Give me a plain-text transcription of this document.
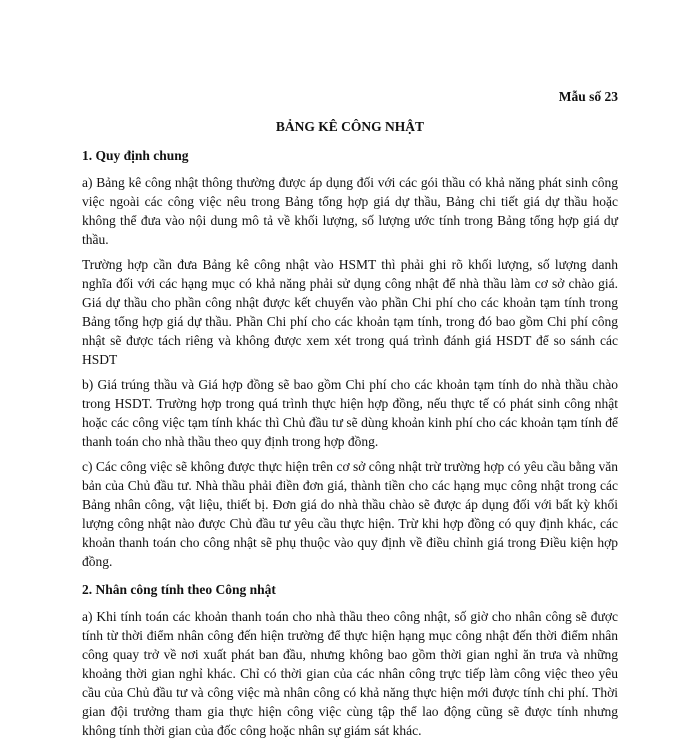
Mẫu số 23
BẢNG KÊ CÔNG NHẬT
1. Quy định chung

a) Bảng kê công nhật thông thường được áp dụng đối với các gói thầu có khả năng phát sinh công việc ngoài các công việc nêu trong Bảng tổng hợp giá dự thầu, Bảng chi tiết giá dự thầu hoặc không thể đưa vào nội dung mô tả về khối lượng, số lượng ước tính trong Bảng tổng hợp giá dự thầu.

Trường hợp cần đưa Bảng kê công nhật vào HSMT thì phải ghi rõ khối lượng, số lượng danh nghĩa đối với các hạng mục có khả năng phải sử dụng công nhật để nhà thầu làm cơ sở chào giá. Giá dự thầu cho phần công nhật được kết chuyển vào phần Chi phí cho các khoản tạm tính trong Bảng tổng hợp giá dự thầu. Phần Chi phí cho các khoản tạm tính, trong đó bao gồm Chi phí công nhật sẽ được tách riêng và không được xem xét trong quá trình đánh giá HSDT để so sánh các HSDT

b) Giá trúng thầu và Giá hợp đồng sẽ bao gồm Chi phí cho các khoản tạm tính do nhà thầu chào trong HSDT. Trường hợp trong quá trình thực hiện hợp đồng, nếu thực tế có phát sinh công nhật hoặc các công việc tạm tính khác thì Chủ đầu tư sẽ dùng khoản kinh phí cho các khoản tạm tính để thanh toán cho nhà thầu theo quy định trong hợp đồng.

c) Các công việc sẽ không được thực hiện trên cơ sở công nhật trừ trường hợp có yêu cầu bằng văn bản của Chủ đầu tư. Nhà thầu phải điền đơn giá, thành tiền cho các hạng mục công nhật trong các Bảng nhân công, vật liệu, thiết bị. Đơn giá do nhà thầu chào sẽ được áp dụng đối với bất kỳ khối lượng công nhật nào được Chủ đầu tư yêu cầu thực hiện. Trừ khi hợp đồng có quy định khác, các khoản thanh toán cho công nhật sẽ phụ thuộc vào quy định về điều chỉnh giá trong Điều kiện hợp đồng.

2. Nhân công tính theo Công nhật

a) Khi tính toán các khoản thanh toán cho nhà thầu theo công nhật, số giờ cho nhân công sẽ được tính từ thời điểm nhân công đến hiện trường để thực hiện hạng mục công nhật đến thời điểm nhân công quay trở về nơi xuất phát ban đầu, nhưng không bao gồm thời gian nghỉ ăn trưa và những khoảng thời gian nghỉ khác. Chỉ có thời gian của các nhân công trực tiếp làm công việc theo yêu cầu của Chủ đầu tư và công việc mà nhân công có khả năng thực hiện mới được tính chi phí. Thời gian đội trưởng tham gia thực hiện công việc cùng tập thể lao động cũng sẽ được tính nhưng không tính thời gian của đốc công hoặc nhân sự giám sát khác.
